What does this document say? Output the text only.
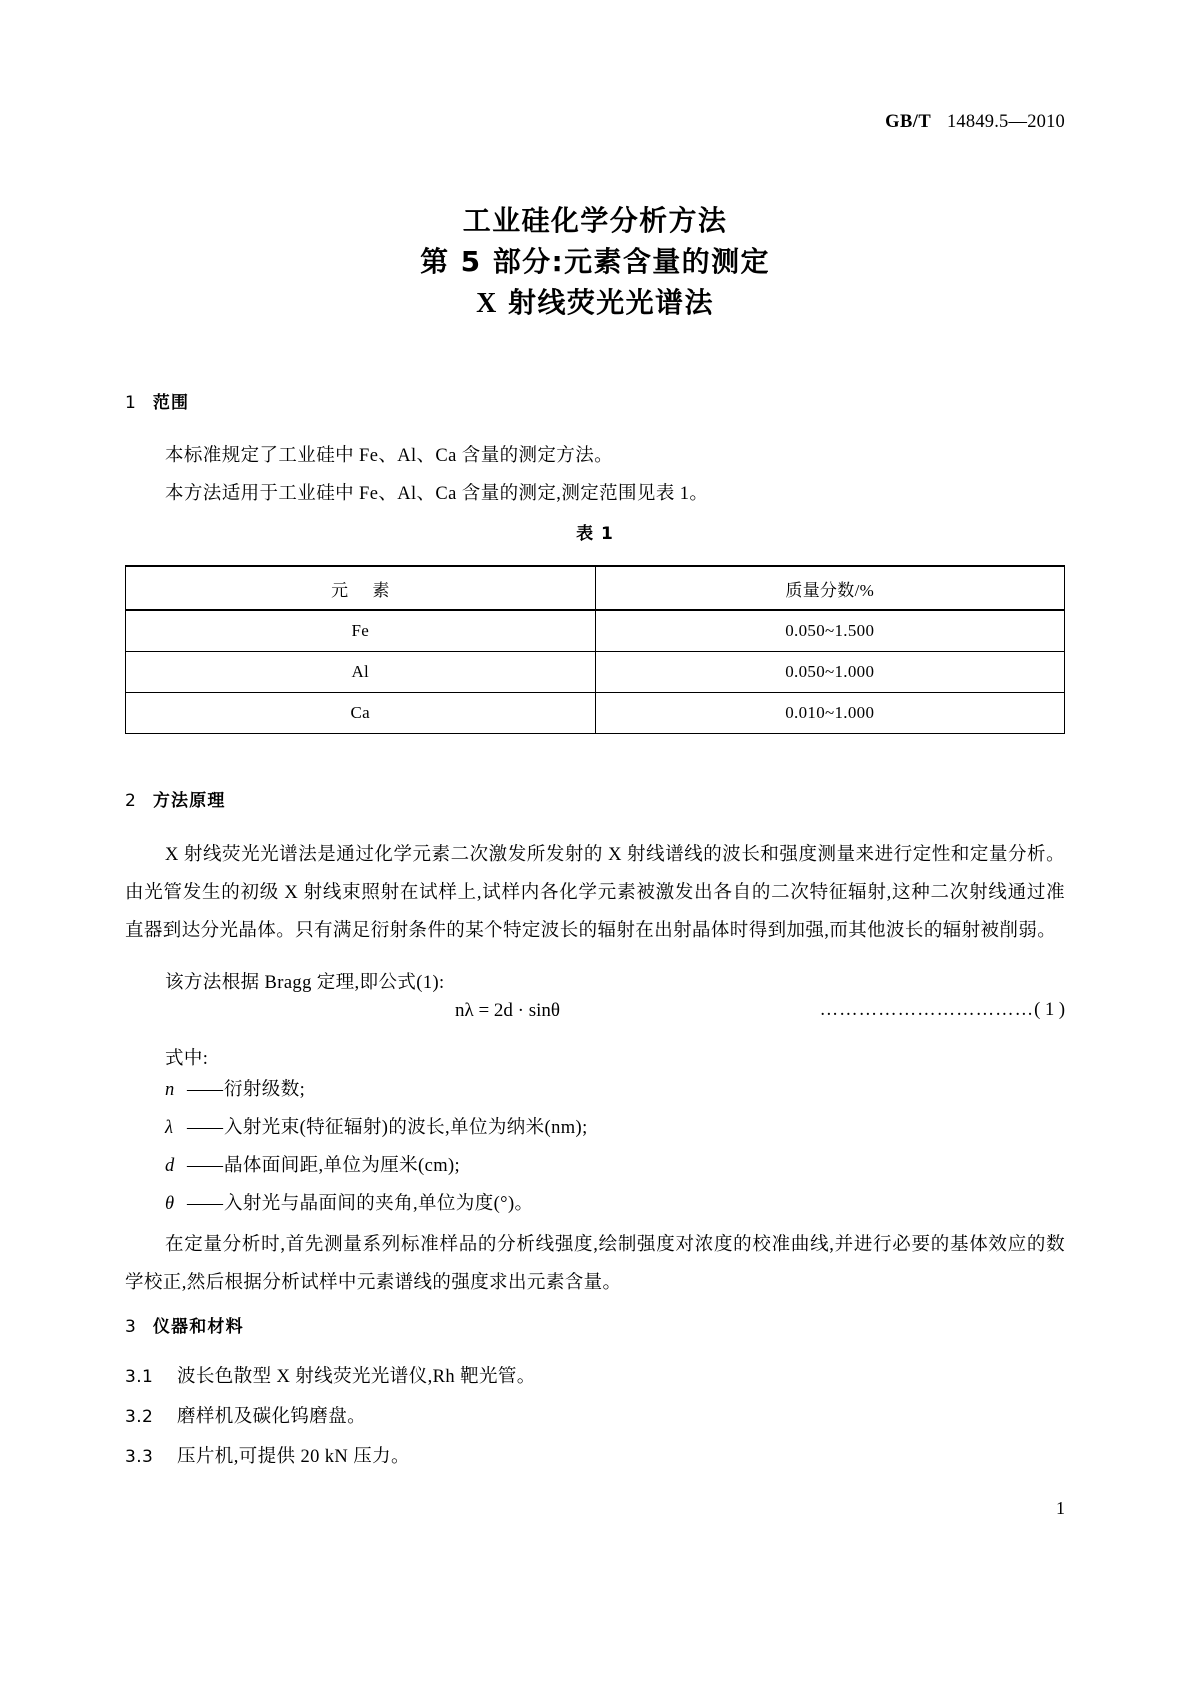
GB/T 14849.5—2010
工业硅化学分析方法
第 5 部分:元素含量的测定
X 射线荧光光谱法
1 范围
本标准规定了工业硅中 Fe、Al、Ca 含量的测定方法。
本方法适用于工业硅中 Fe、Al、Ca 含量的测定,测定范围见表 1。
表 1
元 素	质量分数/%
Fe	0.050~1.500
Al	0.050~1.000
Ca	0.010~1.000
2 方法原理
X 射线荧光光谱法是通过化学元素二次激发所发射的 X 射线谱线的波长和强度测量来进行定性和定量分析。由光管发生的初级 X 射线束照射在试样上,试样内各化学元素被激发出各自的二次特征辐射,这种二次射线通过准直器到达分光晶体。只有满足衍射条件的某个特定波长的辐射在出射晶体时得到加强,而其他波长的辐射被削弱。
该方法根据 Bragg 定理,即公式(1):
nλ = 2d · sinθ	……………………………( 1 )
式中:
n —— 衍射级数;
λ —— 入射光束(特征辐射)的波长,单位为纳米(nm);
d —— 晶体面间距,单位为厘米(cm);
θ —— 入射光与晶面间的夹角,单位为度(°)。
在定量分析时,首先测量系列标准样品的分析线强度,绘制强度对浓度的校准曲线,并进行必要的基体效应的数学校正,然后根据分析试样中元素谱线的强度求出元素含量。
3 仪器和材料
3.1 波长色散型 X 射线荧光光谱仪,Rh 靶光管。
3.2 磨样机及碳化钨磨盘。
3.3 压片机,可提供 20 kN 压力。
1
